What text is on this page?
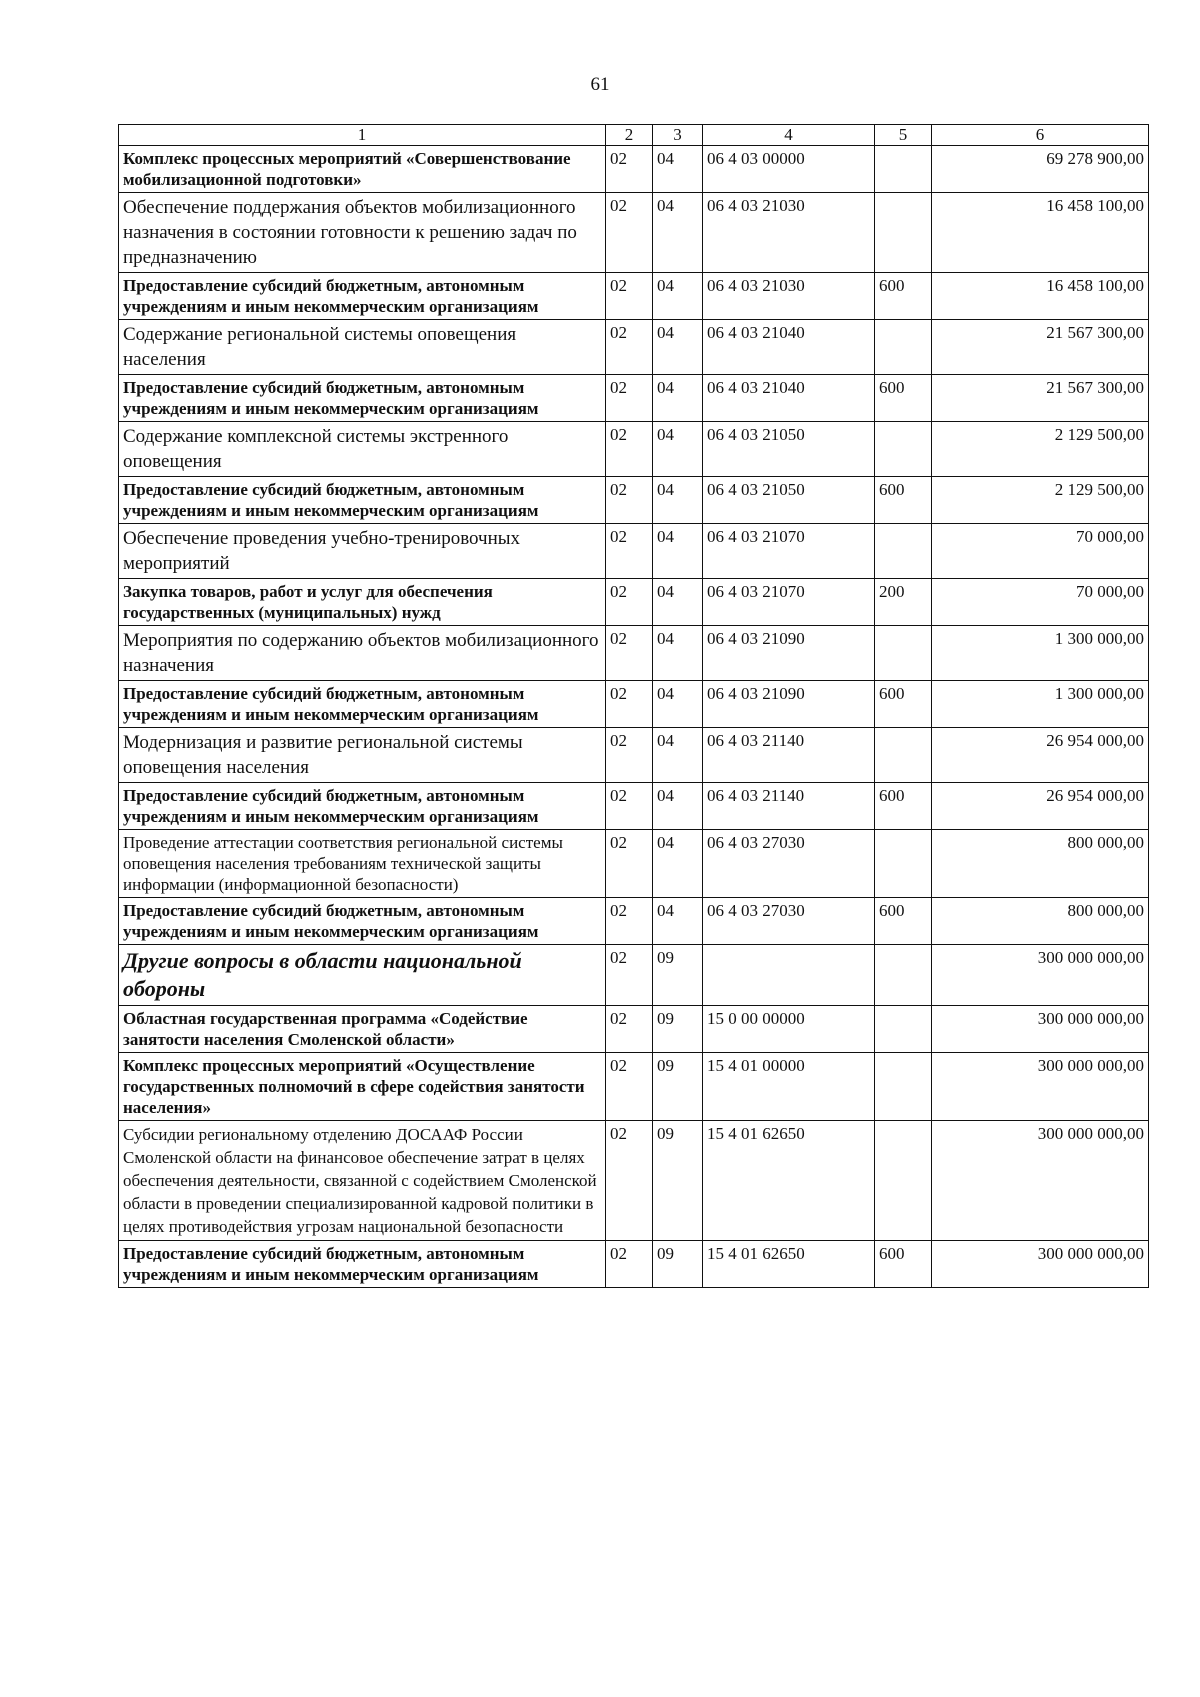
61
1	2	3	4	5	6
Комплекс процессных мероприятий «Совершенствование мобилизационной подготовки»	02	04	06 4 03 00000		69 278 900,00
Обеспечение поддержания объектов мобилизационного назначения в состоянии готовности к решению задач по предназначению	02	04	06 4 03 21030		16 458 100,00
Предоставление субсидий бюджетным, автономным учреждениям и иным некоммерческим организациям	02	04	06 4 03 21030	600	16 458 100,00
Содержание региональной системы оповещения населения	02	04	06 4 03 21040		21 567 300,00
Предоставление субсидий бюджетным, автономным учреждениям и иным некоммерческим организациям	02	04	06 4 03 21040	600	21 567 300,00
Содержание комплексной системы экстренного оповещения	02	04	06 4 03 21050		2 129 500,00
Предоставление субсидий бюджетным, автономным учреждениям и иным некоммерческим организациям	02	04	06 4 03 21050	600	2 129 500,00
Обеспечение проведения учебно-тренировочных мероприятий	02	04	06 4 03 21070		70 000,00
Закупка товаров, работ и услуг для обеспечения государственных (муниципальных) нужд	02	04	06 4 03 21070	200	70 000,00
Мероприятия по содержанию объектов мобилизационного назначения	02	04	06 4 03 21090		1 300 000,00
Предоставление субсидий бюджетным, автономным учреждениям и иным некоммерческим организациям	02	04	06 4 03 21090	600	1 300 000,00
Модернизация и развитие региональной системы оповещения населения	02	04	06 4 03 21140		26 954 000,00
Предоставление субсидий бюджетным, автономным учреждениям и иным некоммерческим организациям	02	04	06 4 03 21140	600	26 954 000,00
Проведение аттестации соответствия региональной системы оповещения населения требованиям технической защиты информации (информационной безопасности)	02	04	06 4 03 27030		800 000,00
Предоставление субсидий бюджетным, автономным учреждениям и иным некоммерческим организациям	02	04	06 4 03 27030	600	800 000,00
Другие вопросы в области национальной обороны	02	09			300 000 000,00
Областная государственная программа «Содействие занятости населения Смоленской области»	02	09	15 0 00 00000		300 000 000,00
Комплекс процессных мероприятий «Осуществление государственных полномочий в сфере содействия занятости населения»	02	09	15 4 01 00000		300 000 000,00
Субсидии региональному отделению ДОСААФ России Смоленской области на финансовое обеспечение затрат в целях обеспечения деятельности, связанной с содействием Смоленской области в проведении специализированной кадровой политики в целях противодействия угрозам национальной безопасности	02	09	15 4 01 62650		300 000 000,00
Предоставление субсидий бюджетным, автономным учреждениям и иным некоммерческим организациям	02	09	15 4 01 62650	600	300 000 000,00
